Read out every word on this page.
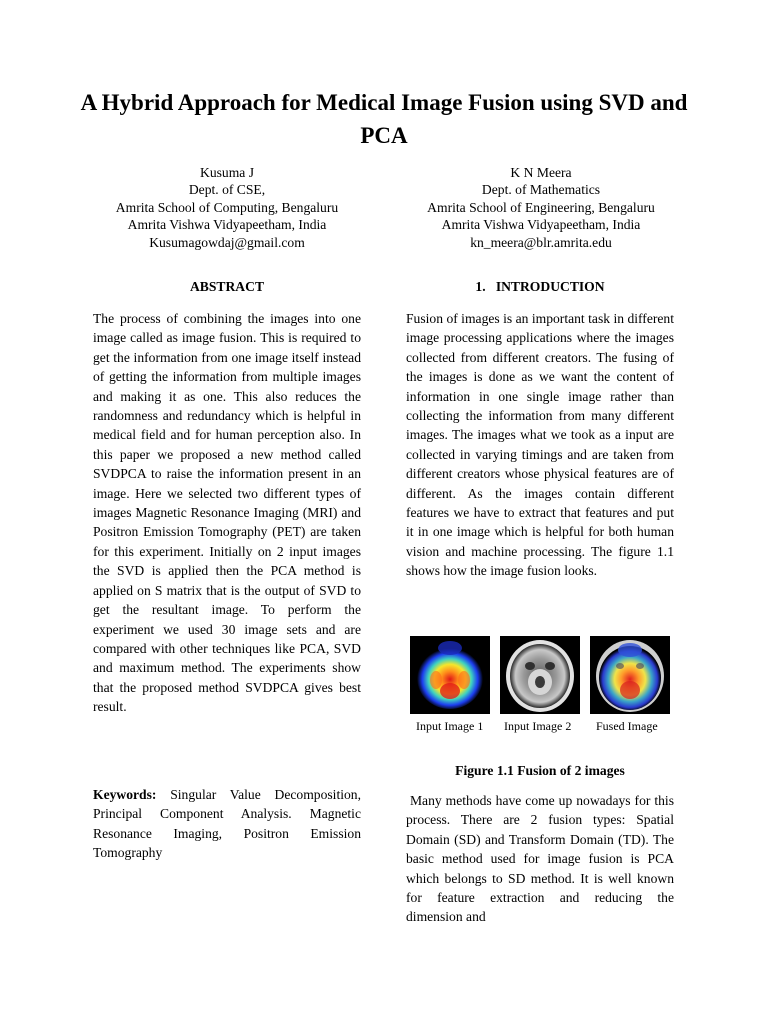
A Hybrid Approach for Medical Image Fusion using SVD and PCA
Kusuma J
Dept. of CSE,
Amrita School of Computing, Bengaluru
Amrita Vishwa Vidyapeetham, India
Kusumagowdaj@gmail.com
K N Meera
Dept. of Mathematics
Amrita School of Engineering, Bengaluru
Amrita Vishwa Vidyapeetham, India
kn_meera@blr.amrita.edu
ABSTRACT

The process of combining the images into one image called as image fusion. This is required to get the information from one image itself instead of getting the information from multiple images and making it as one. This also reduces the randomness and redundancy which is helpful in medical field and for human perception also. In this paper we proposed a new method called SVDPCA to raise the information present in an image. Here we selected two different types of images Magnetic Resonance Imaging (MRI) and Positron Emission Tomography (PET) are taken for this experiment. Initially on 2 input images the SVD is applied then the PCA method is applied on S matrix that is the output of SVD to get the resultant image. To perform the experiment we used 30 image sets and are compared with other techniques like PCA, SVD and maximum method. The experiments show that the proposed method SVDPCA gives best result.

Keywords: Singular Value Decomposition, Principal Component Analysis. Magnetic Resonance Imaging, Positron Emission Tomography

1.   INTRODUCTION

Fusion of images is an important task in different image processing applications where the images collected from different creators. The fusing of the images is done as we want the content of information in one single image rather than collecting the information from many different images. The images what we took as a input are collected in varying timings and are taken from different creators whose physical features are of different. As the images contain different features we have to extract that features and put it in one image which is helpful for both human vision and machine processing. The figure 1.1 shows how the image fusion looks.

Input Image 1 Input Image 2 Fused Image
Figure 1.1 Fusion of 2 images

Many methods have come up nowadays for this process. There are 2 fusion types: Spatial Domain (SD) and Transform Domain (TD). The basic method used for image fusion is PCA which belongs to SD method. It is well known for feature extraction and reducing the dimension and
